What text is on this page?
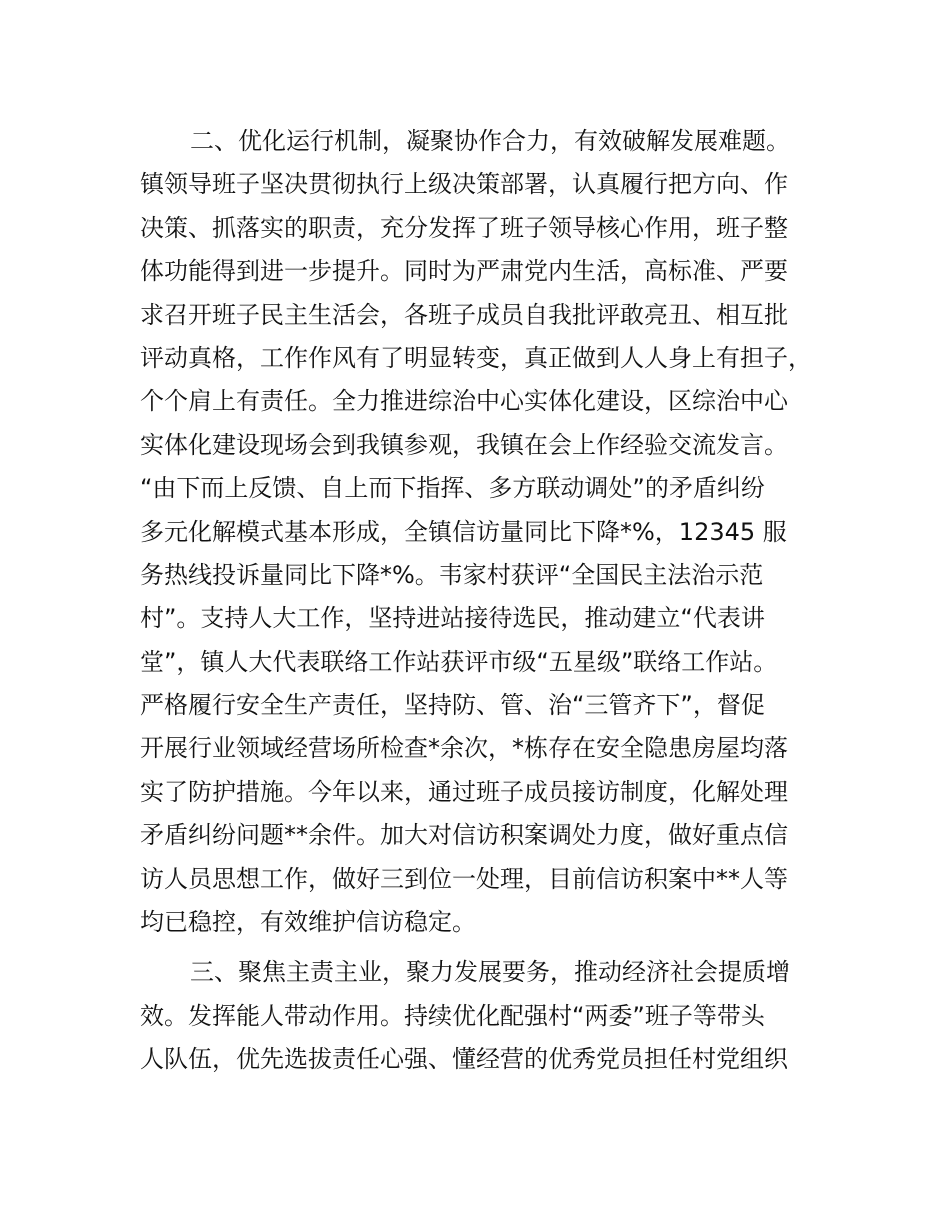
二、优化运行机制，凝聚协作合力，有效破解发展难题。
镇领导班子坚决贯彻执行上级决策部署，认真履行把方向、作
决策、抓落实的职责，充分发挥了班子领导核心作用，班子整
体功能得到进一步提升。同时为严肃党内生活，高标准、严要
求召开班子民主生活会，各班子成员自我批评敢亮丑、相互批
评动真格，工作作风有了明显转变，真正做到人人身上有担子，
个个肩上有责任。全力推进综治中心实体化建设，区综治中心
实体化建设现场会到我镇参观，我镇在会上作经验交流发言。
“由下而上反馈、自上而下指挥、多方联动调处”的矛盾纠纷
多元化解模式基本形成，全镇信访量同比下降*%，12345 服
务热线投诉量同比下降*%。韦家村获评“全国民主法治示范
村”。支持人大工作，坚持进站接待选民，推动建立“代表讲
堂”，镇人大代表联络工作站获评市级“五星级”联络工作站。
严格履行安全生产责任，坚持防、管、治“三管齐下”，督促
开展行业领域经营场所检查*余次，*栋存在安全隐患房屋均落
实了防护措施。今年以来，通过班子成员接访制度，化解处理
矛盾纠纷问题**余件。加大对信访积案调处力度，做好重点信
访人员思想工作，做好三到位一处理，目前信访积案中**人等
均已稳控，有效维护信访稳定。
三、聚焦主责主业，聚力发展要务，推动经济社会提质增
效。发挥能人带动作用。持续优化配强村“两委”班子等带头
人队伍，优先选拔责任心强、懂经营的优秀党员担任村党组织
